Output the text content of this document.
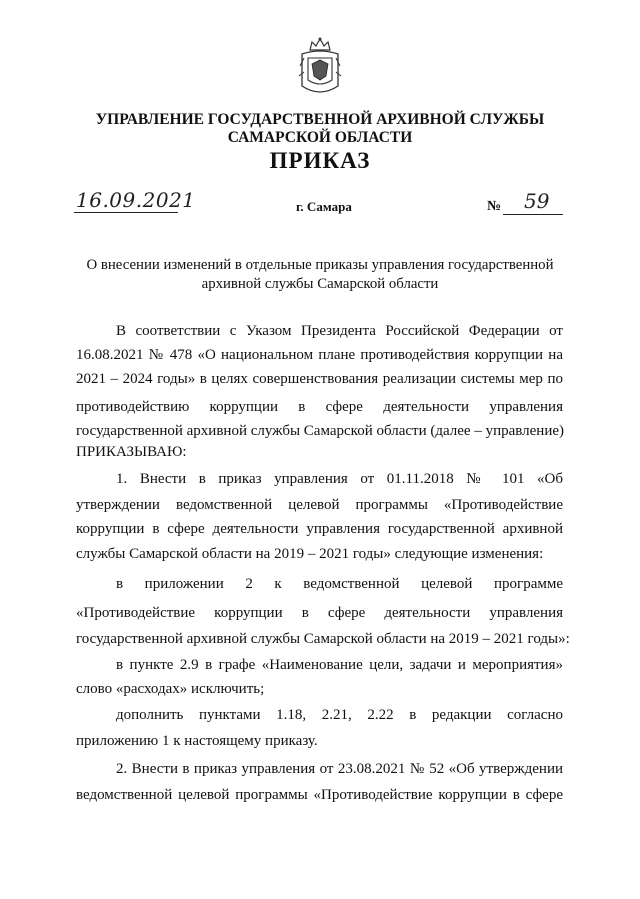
УПРАВЛЕНИЕ ГОСУДАРСТВЕННОЙ АРХИВНОЙ СЛУЖБЫ
САМАРСКОЙ ОБЛАСТИ
ПРИКАЗ
16.09.2021	г. Самара	№ 59
О внесении изменений в отдельные приказы управления государственной
архивной службы Самарской области
В соответствии с Указом Президента Российской Федерации от
16.08.2021 № 478 «О национальном плане противодействия коррупции на
2021 – 2024 годы» в целях совершенствования реализации системы мер по
противодействию коррупции в сфере деятельности управления
государственной архивной службы Самарской области (далее – управление)
ПРИКАЗЫВАЮ:
1. Внести в приказ управления от 01.11.2018 № 101 «Об
утверждении ведомственной целевой программы «Противодействие
коррупции в сфере деятельности управления государственной архивной
службы Самарской области на 2019 – 2021 годы» следующие изменения:
в приложении 2 к ведомственной целевой программе
«Противодействие коррупции в сфере деятельности управления
государственной архивной службы Самарской области на 2019 – 2021 годы»:
в пункте 2.9 в графе «Наименование цели, задачи и мероприятия»
слово «расходах» исключить;
дополнить пунктами 1.18, 2.21, 2.22 в редакции согласно
приложению 1 к настоящему приказу.
2. Внести в приказ управления от 23.08.2021 № 52 «Об утверждении
ведомственной целевой программы «Противодействие коррупции в сфере
